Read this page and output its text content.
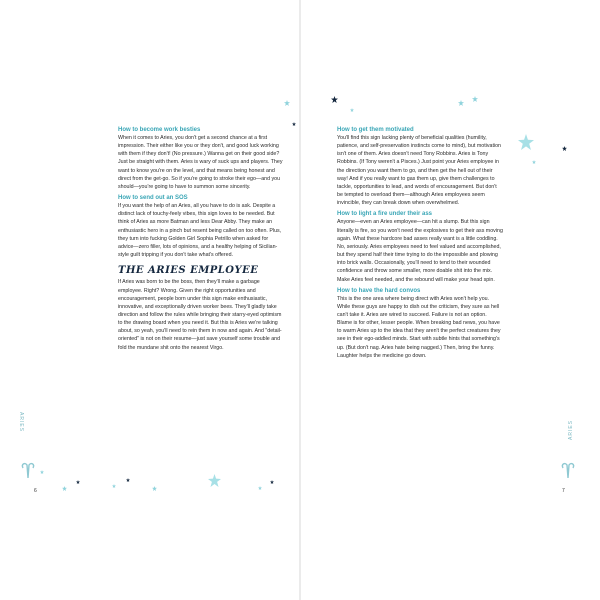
How to become work besties

When it comes to Aries, you don't get a second chance at a first impression. Their either like you or they don't, and good luck working with them if they don't! (No pressure.) Wanna get on their good side? Just be straight with them. Aries is wary of suck ups and players. They want to know you're on the level, and that means being honest and direct from the get-go. So if you're going to stroke their ego—and you should—you're going to have to summon some sincerity.

How to send out an SOS

If you want the help of an Aries, all you have to do is ask. Despite a distinct lack of touchy-feely vibes, this sign loves to be needed. But think of Aries as more Batman and less Dear Abby. They make an enthusiastic hero in a pinch but resent being called on too often. Plus, they turn into fucking Golden Girl Sophia Petrillo when asked for advice—zero filler, lots of opinions, and a healthy helping of Sicilian-style guilt tripping if you don't take what's offered.

THE ARIES EMPLOYEE

If Aries was born to be the boss, then they'll make a garbage employee. Right? Wrong. Given the right opportunities and encouragement, people born under this sign make enthusiastic, innovative, and exceptionally driven worker bees. They'll gladly take direction and follow the rules while bringing their starry-eyed optimism to the drawing board when you need it. But this is Aries we're talking about, so yeah, you'll need to rein them in now and again. And "detail-oriented" is not on their resume—just save yourself some trouble and fold the mundane shit onto the nearest Virgo.

How to get them motivated

You'll find this sign lacking plenty of beneficial qualities (humility, patience, and self-preservation instincts come to mind), but motivation isn't one of them. Aries doesn't need Tony Robbins. Aries is Tony Robbins. (If Tony weren't a Pisces.) Just point your Aries employee in the direction you want them to go, and then get the hell out of their way! And if you really want to gas them up, give them challenges to tackle, opportunities to lead, and words of encouragement. But don't be tempted to overload them—although Aries employees seem invincible, they can break down when overwhelmed.

How to light a fire under their ass

Anyone—even an Aries employee—can hit a slump. But this sign literally is fire, so you won't need the explosives to get their ass moving again. What these hardcore bad asses really want is a little coddling. No, seriously. Aries employees need to feel valued and accomplished, but they spend half their time trying to do the impossible and plowing into brick walls. Occasionally, you'll need to tend to their wounded confidence and throw some smaller, more doable shit into the mix. Make Aries feel needed, and the rebound will make your head spin.

How to have the hard convos

This is the one area where being direct with Aries won't help you. While these guys are happy to dish out the criticism, they sure as hell can't take it. Aries are wired to succeed. Failure is not an option. Blame is for other, lesser people. When breaking bad news, you have to warm Aries up to the idea that they aren't the perfect creatures they see in their ego-addled minds. Start with subtle hints that something's up. (But don't nag. Aries hate being nagged.) Then, bring the funny. Laughter helps the medicine go down.

ARIES	ARIES
6	7
